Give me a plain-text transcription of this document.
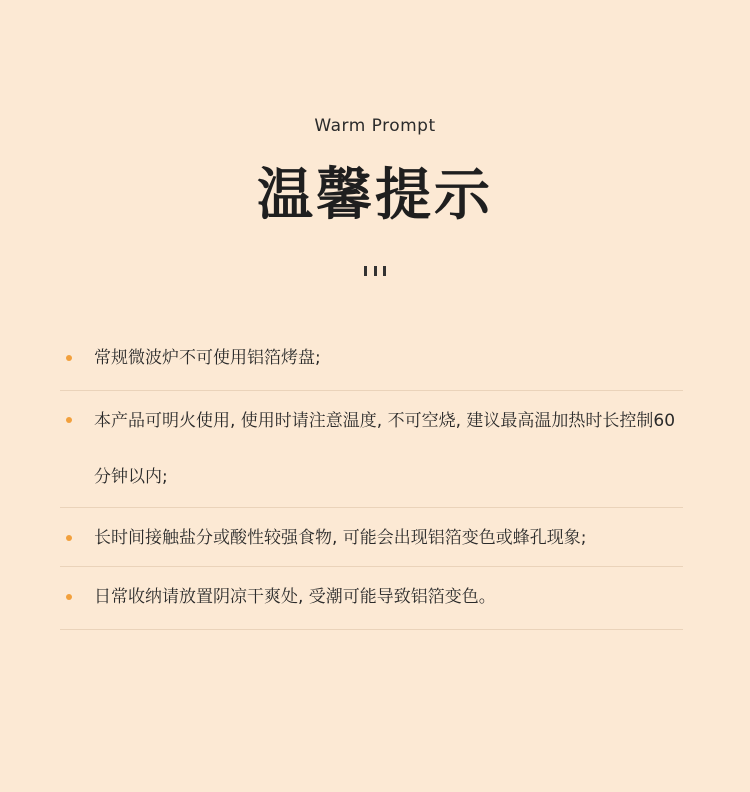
Warm Prompt
温馨提示
常规微波炉不可使用铝箔烤盘;
本产品可明火使用, 使用时请注意温度, 不可空烧, 建议最高温加热时长控制60分钟以内;
长时间接触盐分或酸性较强食物, 可能会出现铝箔变色或蜂孔现象;
日常收纳请放置阴凉干爽处, 受潮可能导致铝箔变色。
